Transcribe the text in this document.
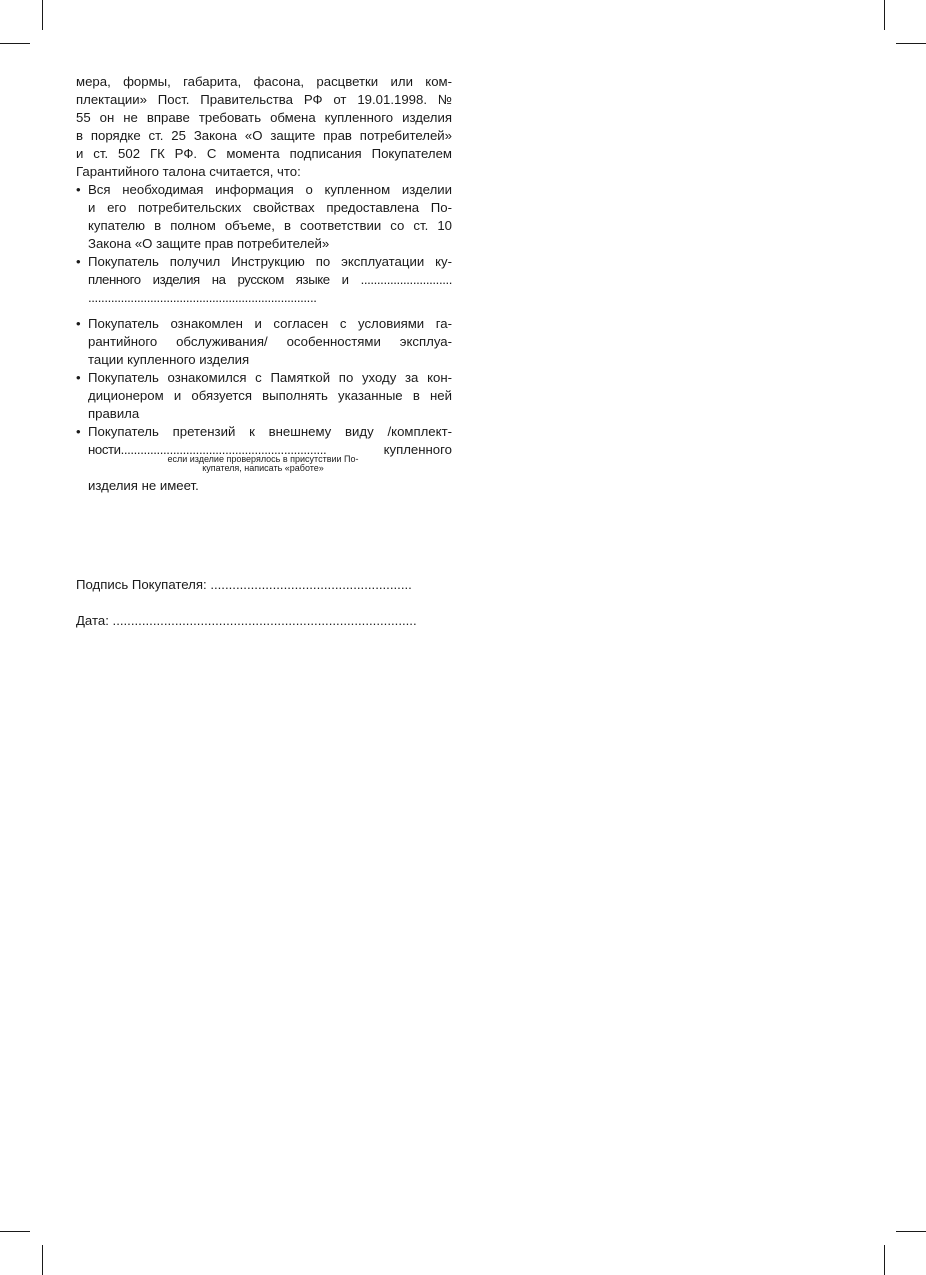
мера, формы, габарита, фасона, расцветки или ком-
плектации» Пост. Правительства РФ от 19.01.1998. №
55 он не вправе требовать обмена купленного изделия
в порядке ст. 25 Закона «О защите прав потребителей»
и ст. 502 ГК РФ. С момента подписания Покупателем
Гарантийного талона считается, что:
• Вся необходимая информация о купленном изделии
и его потребительских свойствах предоставлена По-
купателю в полном объеме, в соответствии со ст. 10
Закона «О защите прав потребителей»
• Покупатель получил Инструкцию по эксплуатации ку-
пленного изделия на русском языке и ............................
......................................................................
• Покупатель ознакомлен и согласен с условиями га-
рантийного обслуживания/ особенностями эксплуа-
тации купленного изделия
• Покупатель ознакомился с Памяткой по уходу за кон-
диционером и обязуется выполнять указанные в ней
правила
• Покупатель претензий к внешнему виду /комплект-
ности...............................................................	купленного
если изделие проверялось в присутствии По-
купателя, написать «работе»
изделия не имеет.
Подпись Покупателя: .......................................................
Дата: ...................................................................................
